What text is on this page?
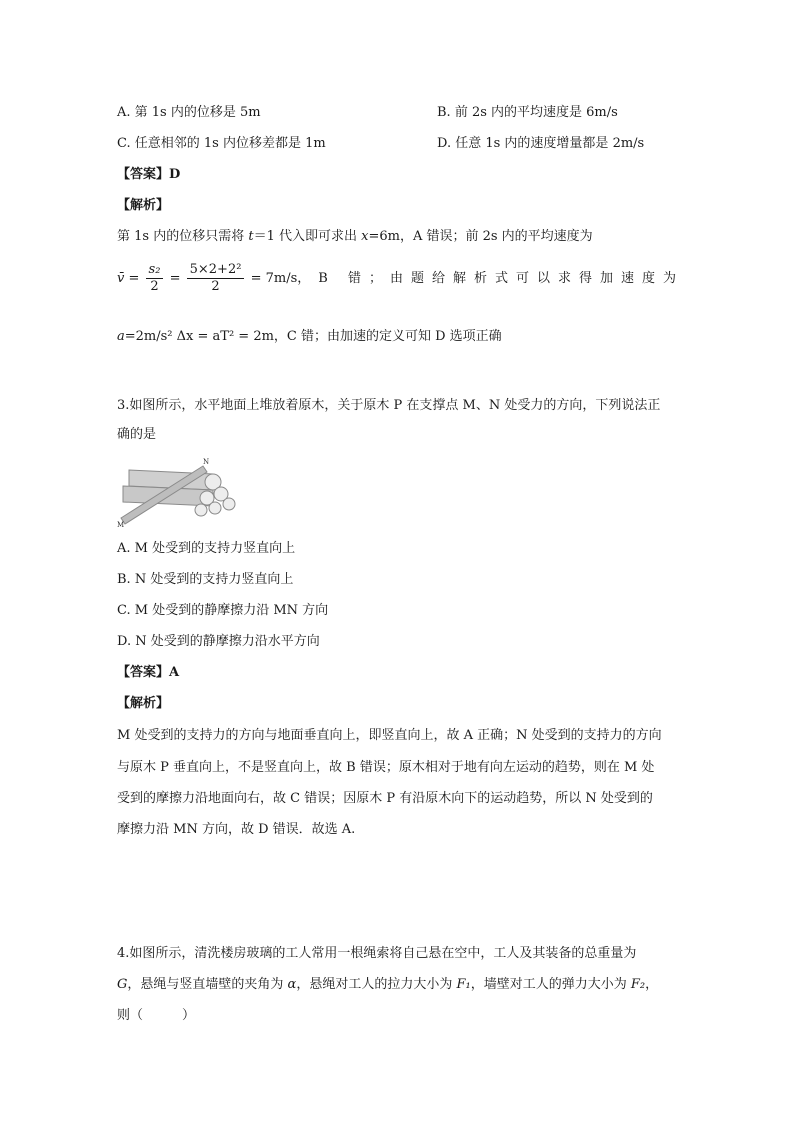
A. 第 1s 内的位移是 5m	B. 前 2s 内的平均速度是 6m/s
C. 任意相邻的 1s 内位移差都是 1m	D. 任意 1s 内的速度增量都是 2m/s
【答案】D
【解析】
第 1s 内的位移只需将 t＝1 代入即可求出 x=6m，A 错误；前 2s 内的平均速度为
v̄ = $\frac{\text{s₂}}{2} = \frac{\text{5×2+2²}}{2} = 7m/s$，B 错；由题给解析式可以求得加速度为
a=2m/s² Δx = aT² = 2m，C 错；由加速的定义可知 D 选项正确
3.如图所示，水平地面上堆放着原木，关于原木 P 在支撑点 M、N 处受力的方向，下列说法正
确的是
M
N
A. M 处受到的支持力竖直向上
B. N 处受到的支持力竖直向上
C. M 处受到的静摩擦力沿 MN 方向
D. N 处受到的静摩擦力沿水平方向
【答案】A
【解析】
M 处受到的支持力的方向与地面垂直向上，即竖直向上，故 A 正确；N 处受到的支持力的方向
与原木 P 垂直向上，不是竖直向上，故 B 错误；原木相对于地有向左运动的趋势，则在 M 处
受到的摩擦力沿地面向右，故 C 错误；因原木 P 有沿原木向下的运动趋势，所以 N 处受到的
摩擦力沿 MN 方向，故 D 错误．故选 A.
4.如图所示，清洗楼房玻璃的工人常用一根绳索将自己悬在空中，工人及其装备的总重量为
G，悬绳与竖直墙壁的夹角为 α，悬绳对工人的拉力大小为 F₁，墙壁对工人的弹力大小为 F₂，
则（　　　）
